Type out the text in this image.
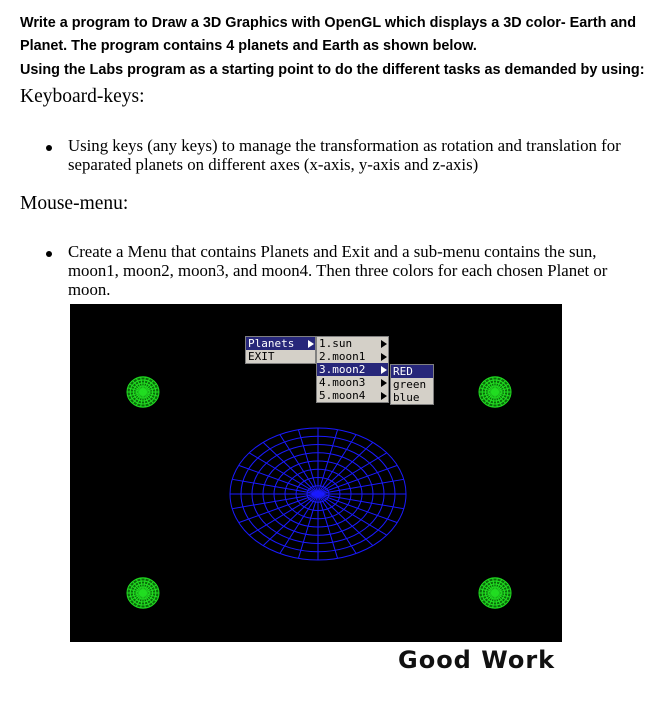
Write a program to Draw a 3D Graphics with OpenGL which displays a 3D color- Earth and
Planet. The program contains 4 planets and Earth as shown below.
Using the Labs program as a starting point to do the different tasks as demanded by using:
Keyboard-keys:
Using keys (any keys) to manage the transformation as rotation and translation for separated planets on different axes (x-axis, y-axis and z-axis)
Mouse-menu:
Create a Menu that contains Planets and Exit and a sub-menu contains the sun, moon1, moon2, moon3, and moon4. Then three colors for each chosen Planet or moon.
Planets
EXIT
1.sun
2.moon1
3.moon2
4.moon3
5.moon4
RED
green
blue
Good Work
